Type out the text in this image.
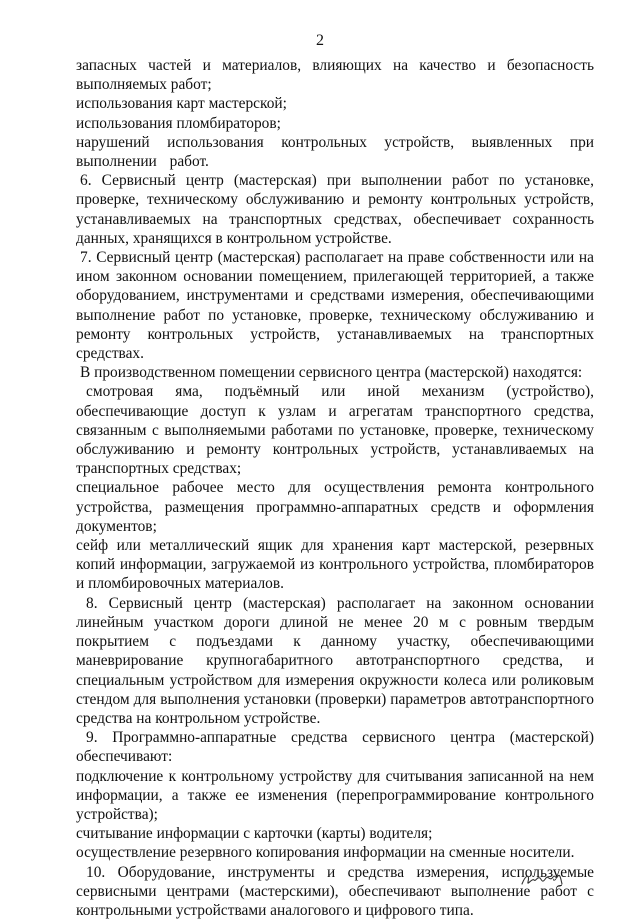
2

запасных частей и материалов, влияющих на качество и безопасность выполняемых работ;

использования карт мастерской;

использования пломбираторов;

нарушений использования контрольных устройств, выявленных при выполнении работ.

6. Сервисный центр (мастерская) при выполнении работ по установке, проверке, техническому обслуживанию и ремонту контрольных устройств, устанавливаемых на транспортных средствах, обеспечивает сохранность данных, хранящихся в контрольном устройстве.

7. Сервисный центр (мастерская) располагает на праве собственности или на ином законном основании помещением, прилегающей территорией, а также оборудованием, инструментами и средствами измерения, обеспечивающими выполнение работ по установке, проверке, техническому обслуживанию и ремонту контрольных устройств, устанавливаемых на транспортных средствах.

В производственном помещении сервисного центра (мастерской) находятся:

смотровая яма, подъёмный или иной механизм (устройство), обеспечивающие доступ к узлам и агрегатам транспортного средства, связанным с выполняемыми работами по установке, проверке, техническому обслуживанию и ремонту контрольных устройств, устанавливаемых на транспортных средствах;

специальное рабочее место для осуществления ремонта контрольного устройства, размещения программно-аппаратных средств и оформления документов;

сейф или металлический ящик для хранения карт мастерской, резервных копий информации, загружаемой из контрольного устройства, пломбираторов и пломбировочных материалов.

8. Сервисный центр (мастерская) располагает на законном основании линейным участком дороги длиной не менее 20 м с ровным твердым покрытием с подъездами к данному участку, обеспечивающими маневрирование крупногабаритного автотранспортного средства, и специальным устройством для измерения окружности колеса или роликовым стендом для выполнения установки (проверки) параметров автотранспортного средства на контрольном устройстве.

9. Программно-аппаратные средства сервисного центра (мастерской) обеспечивают:

подключение к контрольному устройству для считывания записанной на нем информации, а также ее изменения (перепрограммирование контрольного устройства);

считывание информации с карточки (карты) водителя;

осуществление резервного копирования информации на сменные носители.

10. Оборудование, инструменты и средства измерения, используемые сервисными центрами (мастерскими), обеспечивают выполнение работ с контрольными устройствами аналогового и цифрового типа.
